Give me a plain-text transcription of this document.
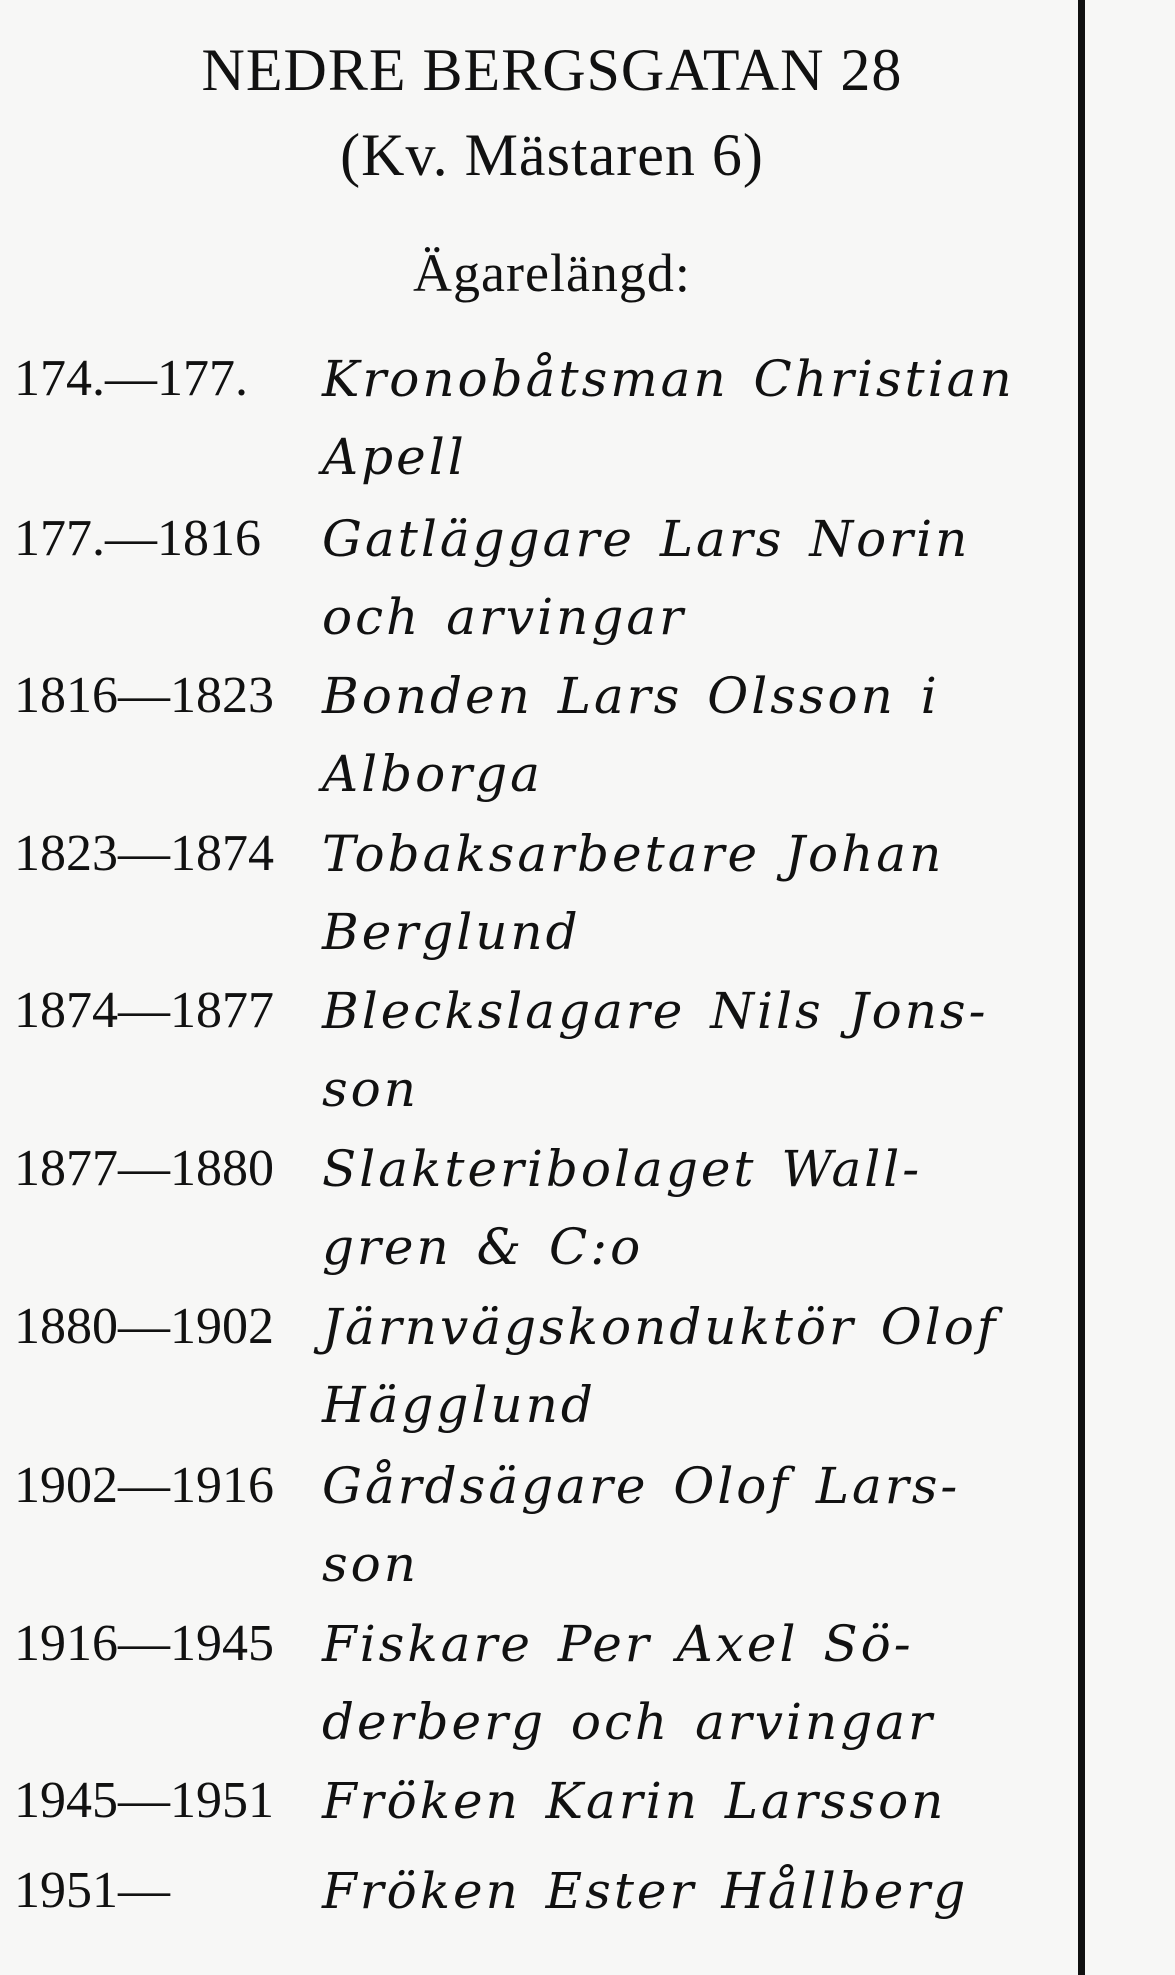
NEDRE BERGSGATAN 28
(Kv. Mästaren 6)
Ägarelängd:
174.—177. Kronobåtsman Christian
Apell
177.—1816 Gatläggare Lars Norin
och arvingar
1816—1823 Bonden Lars Olsson i
Alborga
1823—1874 Tobaksarbetare Johan
Berglund
1874—1877 Bleckslagare Nils Jons-
son
1877—1880 Slakteribolaget Wall-
gren & C:o
1880—1902 Järnvägskonduktör Olof
Hägglund
1902—1916 Gårdsägare Olof Lars-
son
1916—1945 Fiskare Per Axel Sö-
derberg och arvingar
1945—1951 Fröken Karin Larsson
1951—	Fröken Ester Hållberg
